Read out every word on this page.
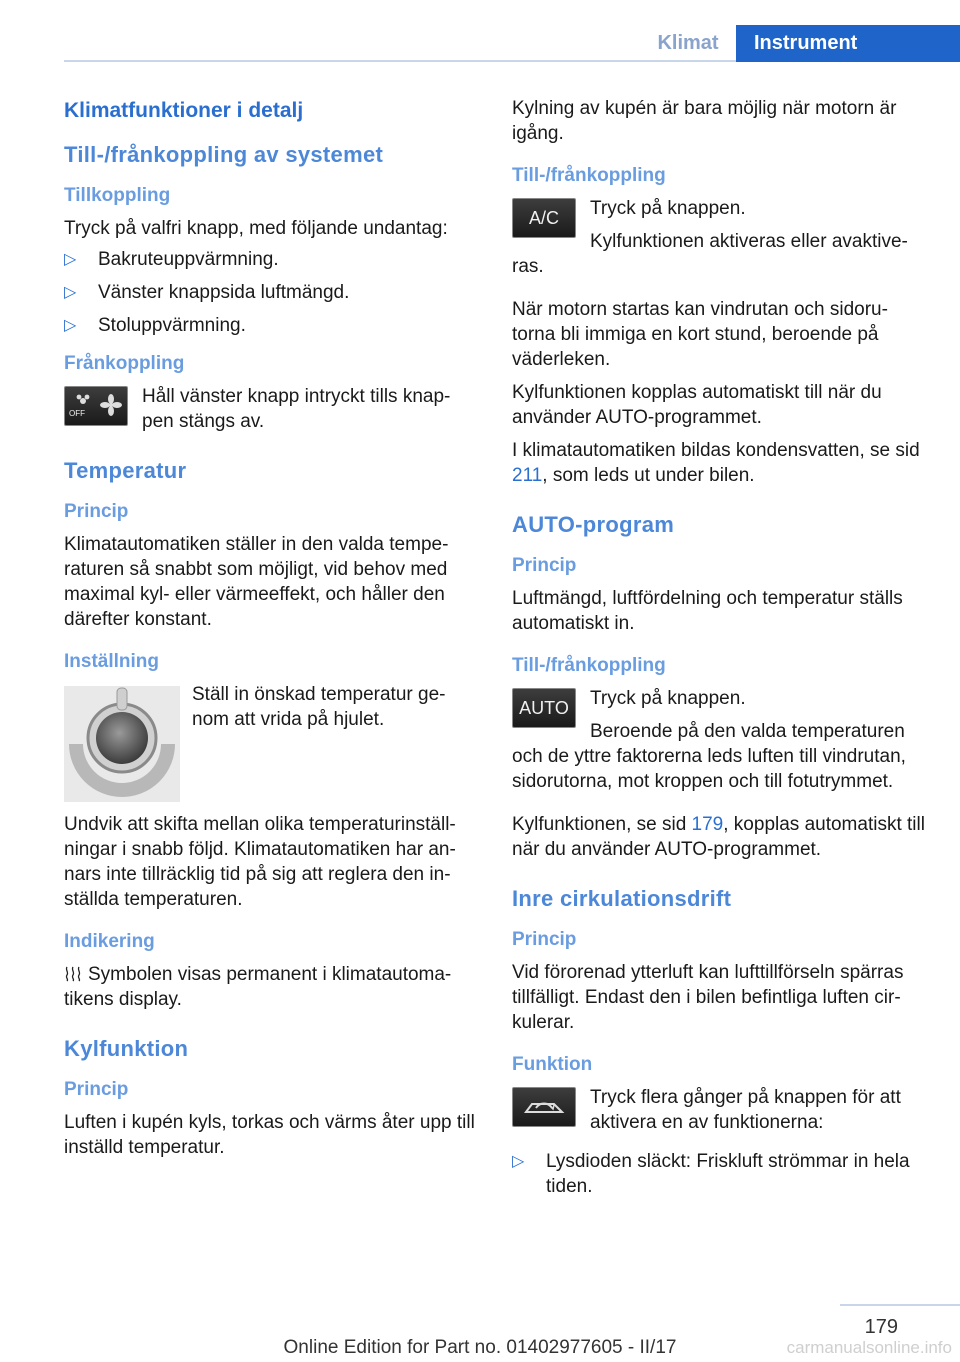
Klimat	Instrument
Klimatfunktioner i detalj
Till-/frånkoppling av systemet
Tillkoppling

Tryck på valfri knapp, med följande undantag:

▷ Bakruteuppvärmning.
▷ Vänster knappsida luftmängd.
▷ Stoluppvärmning.
Frånkoppling
OFF

Håll vänster knapp intryckt tills knap- pen stängs av.

Temperatur
Princip

Klimatautomatiken ställer in den valda tempe- raturen så snabbt som möjligt, vid behov med maximal kyl- eller värmeeffekt, och håller den därefter konstant.

Inställning

Ställ in önskad temperatur ge- nom att vrida på hjulet.

Undvik att skifta mellan olika temperaturinställ- ningar i snabb följd. Klimatautomatiken har an- nars inte tillräcklig tid på sig att reglera den in- ställda temperaturen.

Indikering

Symbolen visas permanent i klimatautoma- tikens display.

Kylfunktion
Princip

Luften i kupén kyls, torkas och värms åter upp till inställd temperatur.

Kylning av kupén är bara möjlig när motorn är igång.

Till-/frånkoppling
A/C	Tryck på knappen.

Kylfunktionen aktiveras eller avaktive- ras.

När motorn startas kan vindrutan och sidoru- torna bli immiga en kort stund, beroende på väderleken.

Kylfunktionen kopplas automatiskt till när du använder AUTO-programmet.

I klimatautomatiken bildas kondensvatten, se sid 211, som leds ut under bilen.

AUTO-program
Princip

Luftmängd, luftfördelning och temperatur ställs automatiskt in.

Till-/frånkoppling
AUTO	Tryck på knappen.

Beroende på den valda temperaturen och de yttre faktorerna leds luften till vindrutan, sidorutorna, mot kroppen och till fotutrymmet.

Kylfunktionen, se sid 179, kopplas automatiskt till när du använder AUTO-programmet.

Inre cirkulationsdrift
Princip

Vid förorenad ytterluft kan lufttillförseln spärras tillfälligt. Endast den i bilen befintliga luften cir- kulerar.

Funktion

Tryck flera gånger på knappen för att aktivera en av funktionerna:

▷ Lysdioden släckt: Friskluft strömmar in hela tiden.
179
Online Edition for Part no. 01402977605 - II/17	carmanualsonline.info
